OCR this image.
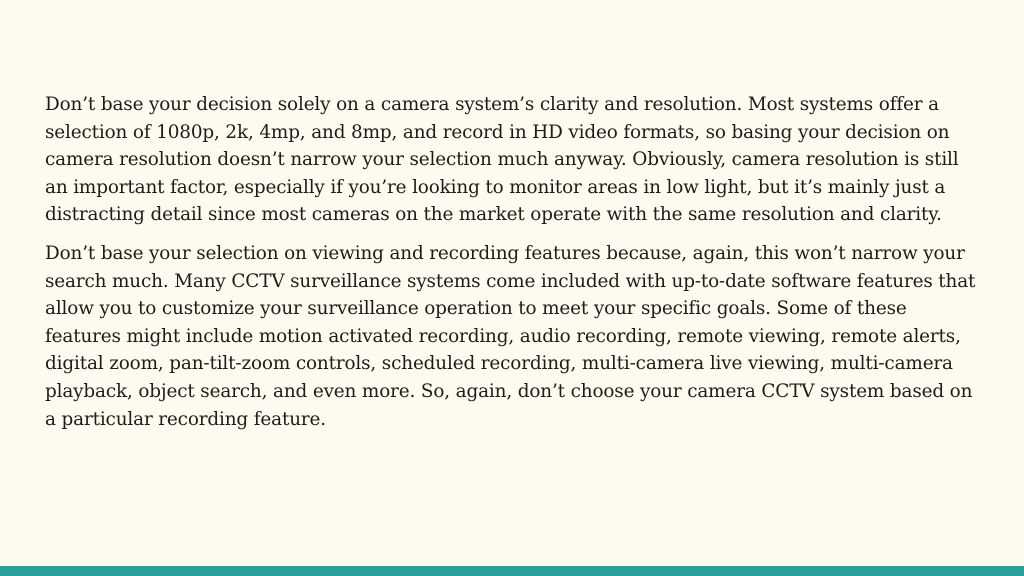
Don’t base your decision solely on a camera system’s clarity and resolution. Most systems offer a selection of 1080p, 2k, 4mp, and 8mp, and record in HD video formats, so basing your decision on camera resolution doesn’t narrow your selection much anyway. Obviously, camera resolution is still an important factor, especially if you’re looking to monitor areas in low light, but it’s mainly just a distracting detail since most cameras on the market operate with the same resolution and clarity.

Don’t base your selection on viewing and recording features because, again, this won’t narrow your search much. Many CCTV surveillance systems come included with up-to-date software features that allow you to customize your surveillance operation to meet your specific goals. Some of these features might include motion activated recording, audio recording, remote viewing, remote alerts, digital zoom, pan-tilt-zoom controls, scheduled recording, multi-camera live viewing, multi-camera playback, object search, and even more. So, again, don’t choose your camera CCTV system based on a particular recording feature.
